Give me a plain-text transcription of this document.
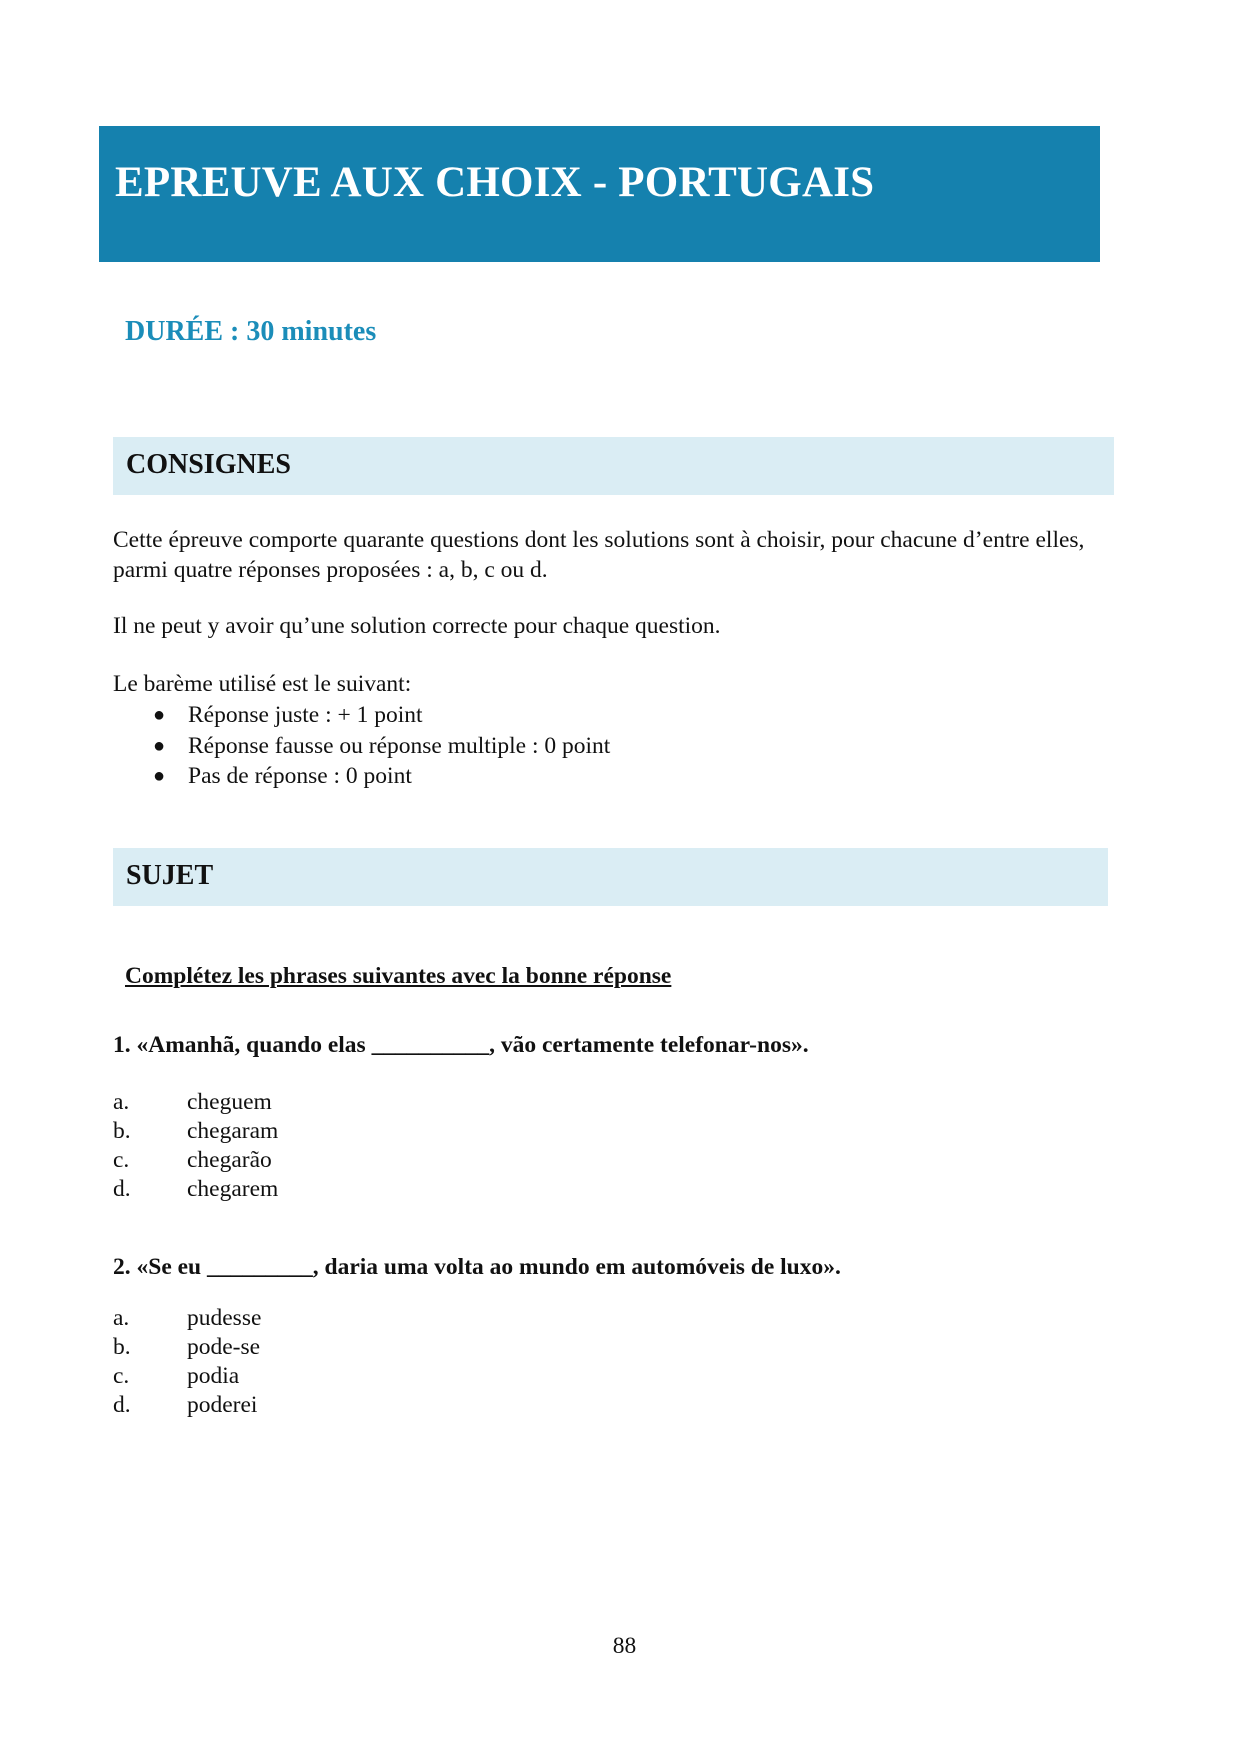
EPREUVE AUX CHOIX - PORTUGAIS
DURÉE : 30 minutes
CONSIGNES
Cette épreuve comporte quarante questions dont les solutions sont à choisir, pour chacune d’entre elles, parmi quatre réponses proposées : a, b, c ou d.
Il ne peut y avoir qu’une solution correcte pour chaque question.
Le barème utilisé est le suivant:
● Réponse juste : + 1 point
● Réponse fausse ou réponse multiple : 0 point
● Pas de réponse : 0 point
SUJET
Complétez les phrases suivantes avec la bonne réponse
1. «Amanhã, quando elas __________, vão certamente telefonar-nos».
a. cheguem
b. chegaram
c. chegarão
d. chegarem
2. «Se eu _________, daria uma volta ao mundo em automóveis de luxo».
a. pudesse
b. pode-se
c. podia
d. poderei
88
